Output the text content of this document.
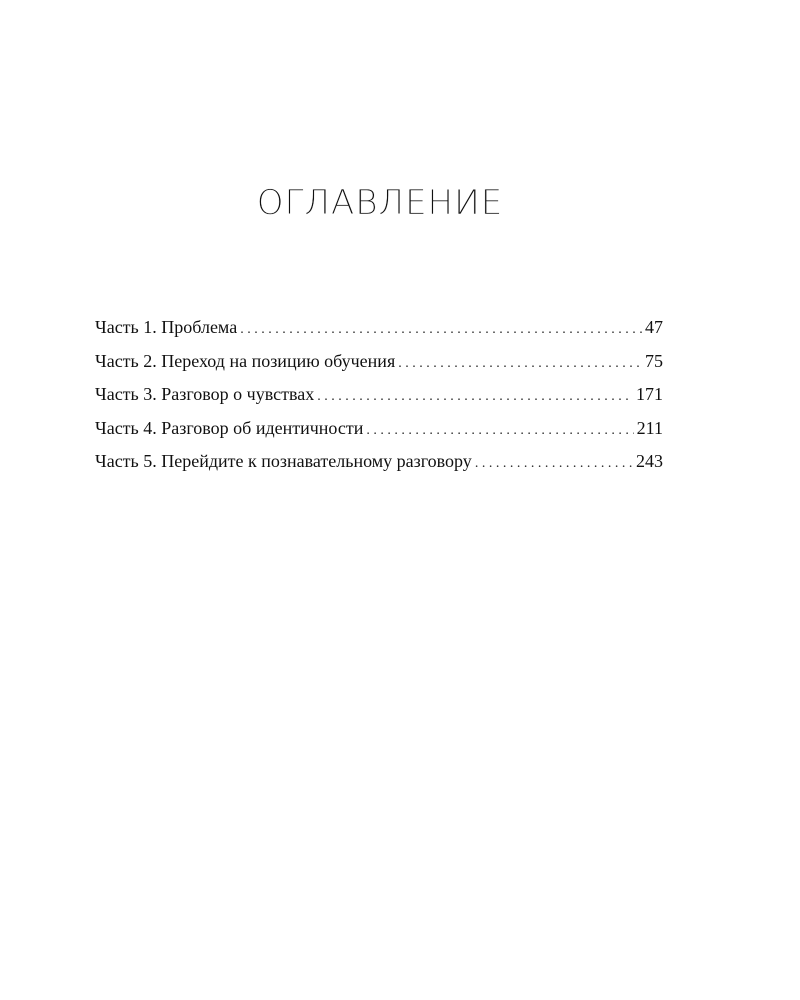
ОГЛАВЛЕНИЕ
Часть 1. Проблема . . .	47
Часть 2. Переход на позицию обучения . . .	75
Часть 3. Разговор о чувствах . . .	171
Часть 4. Разговор об идентичности . . .	211
Часть 5. Перейдите к познавательному разговору . . .	243
